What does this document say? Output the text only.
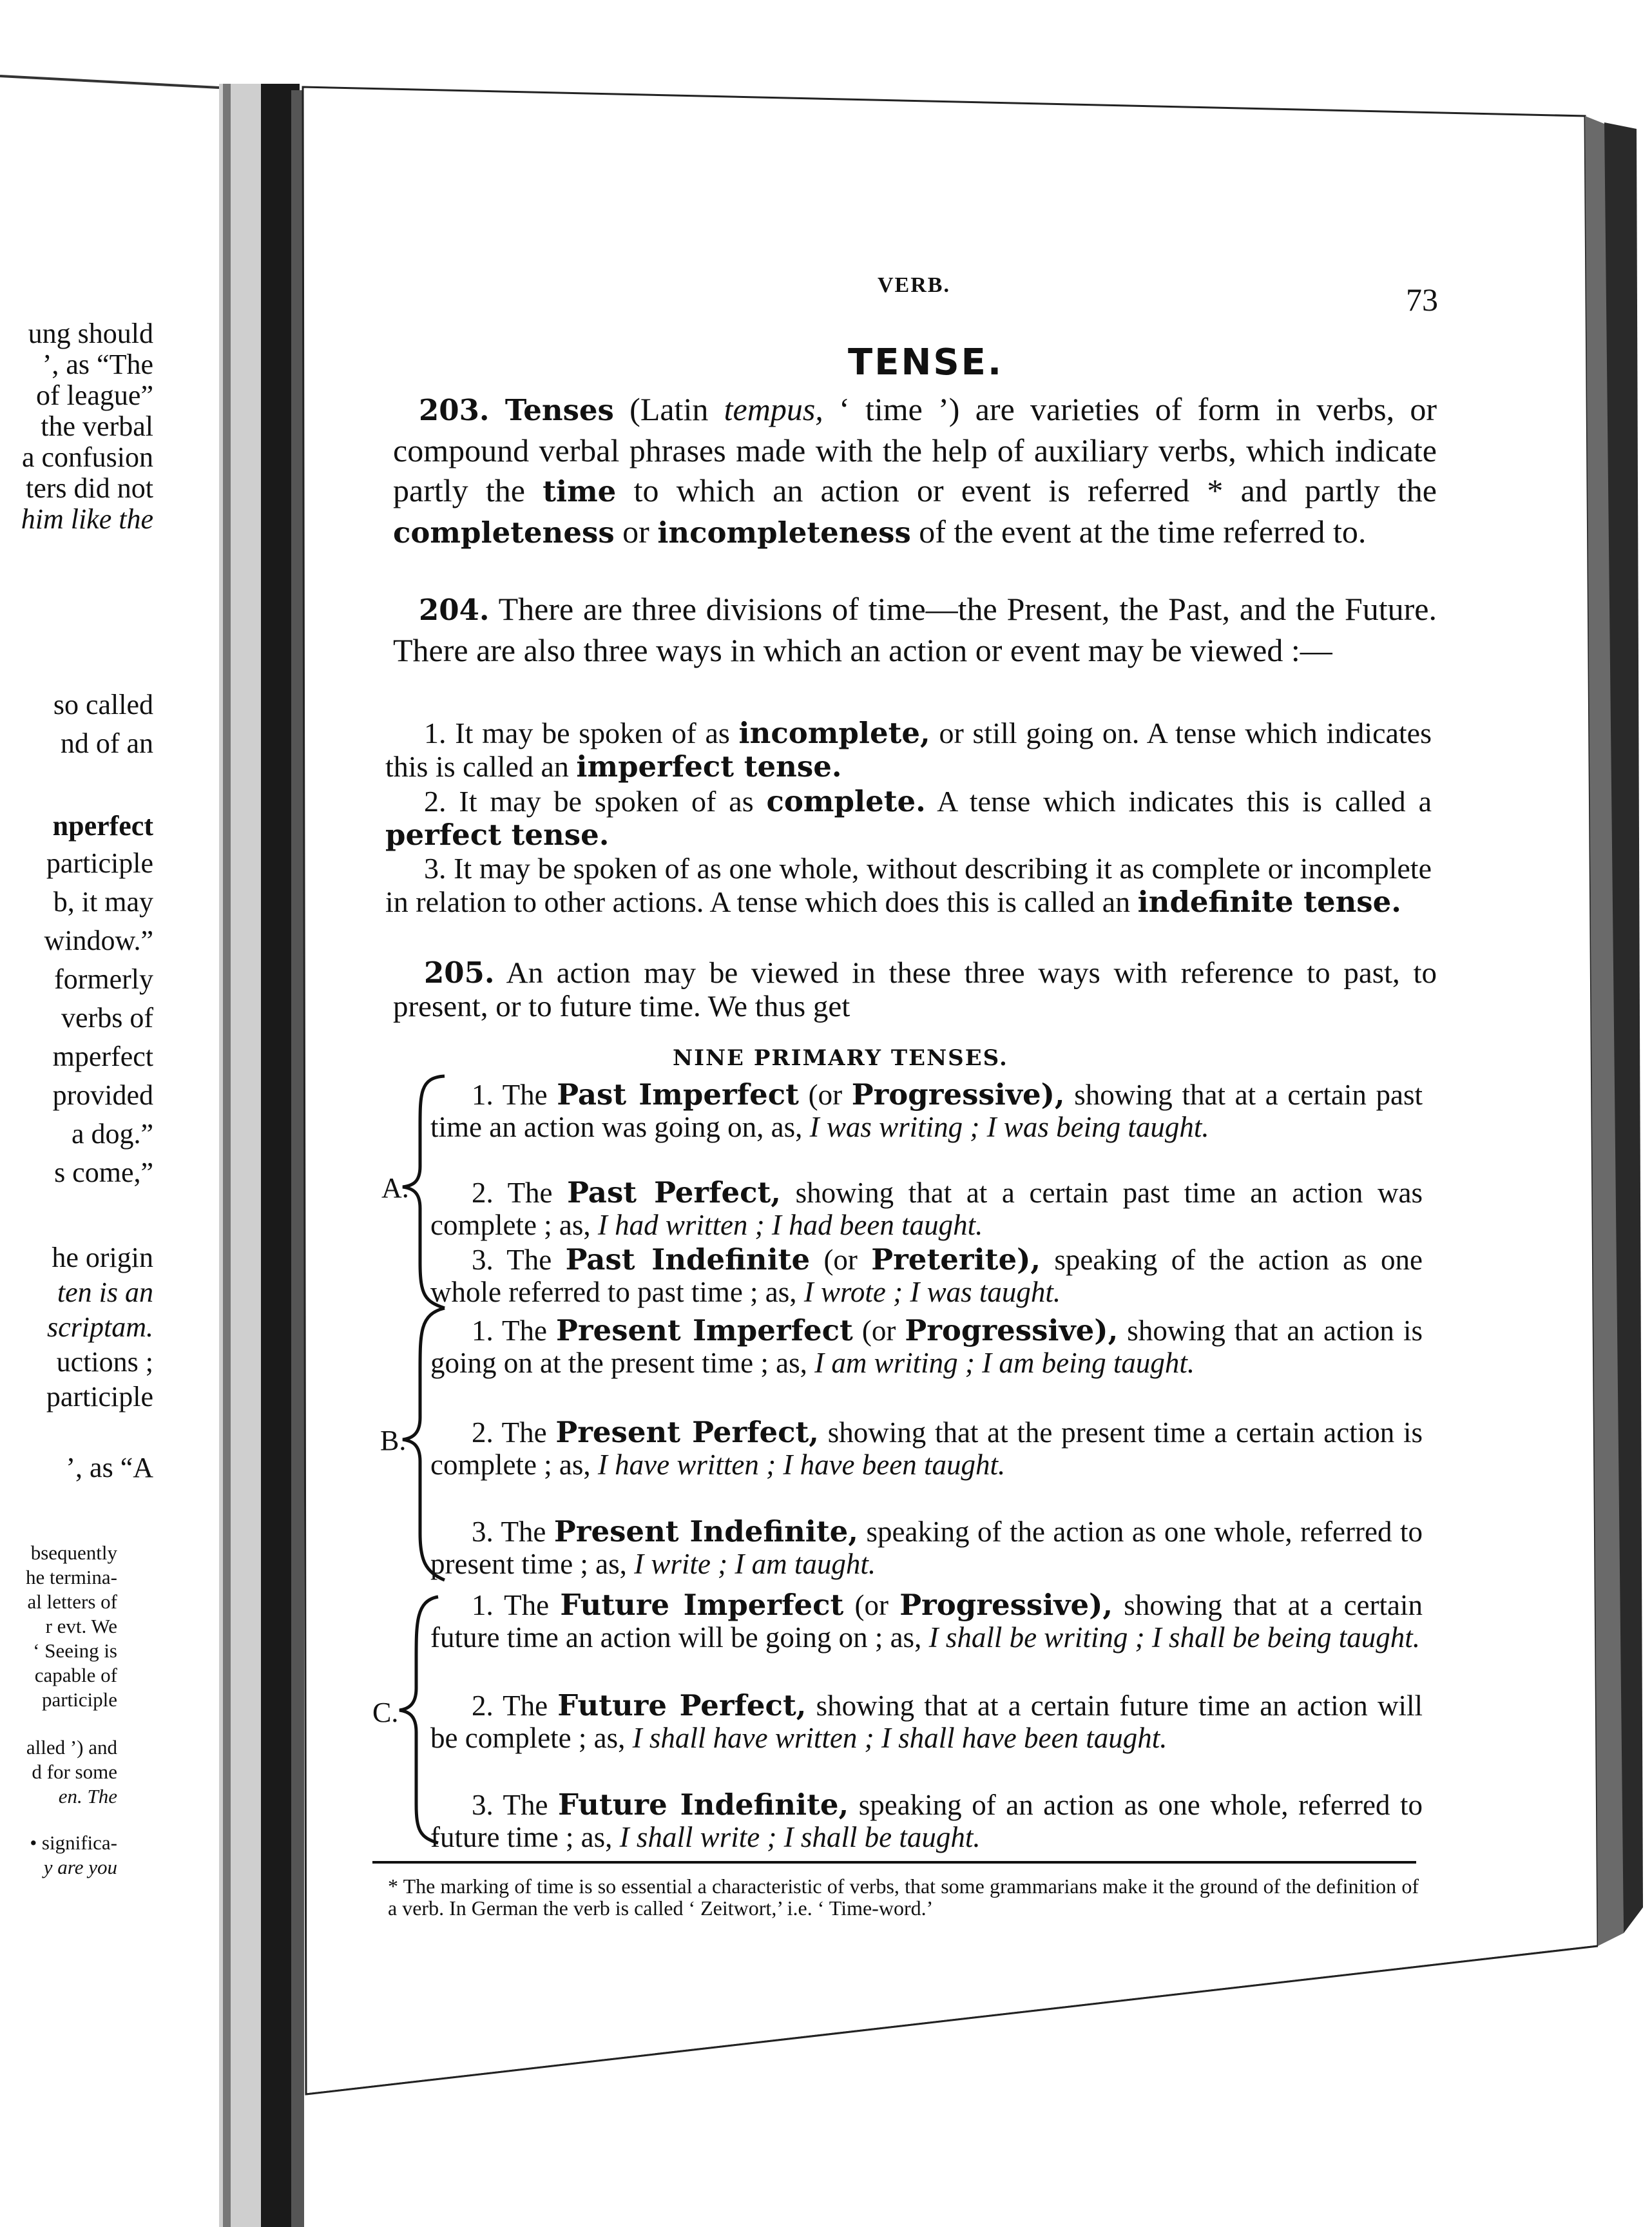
ung should
’, as “The
of league”
the verbal
a confusion
ters did not
him like the
so called
nd of an
nperfect
participle
b, it may
window.”
formerly
verbs of
mperfect
provided
a dog.”
s come,”
he origin
ten is an
scriptam.
uctions ;
participle
’, as “A
bsequently
he termina-
al letters of
r evt. We
‘ Seeing is
capable of
participle
alled ’) and
d for some
en. The
• significa-
y are you
VERB.	73
TENSE.
203. Tenses (Latin tempus, ‘ time ’) are varieties of form in verbs, or compound verbal phrases made with the help of auxiliary verbs, which indicate partly the time to which an action or event is referred * and partly the completeness or incompleteness of the event at the time referred to.
204. There are three divisions of time—the Present, the Past, and the Future. There are also three ways in which an action or event may be viewed :—
1. It may be spoken of as incomplete, or still going on. A tense which indicates this is called an imperfect tense.
2. It may be spoken of as complete. A tense which indicates this is called a perfect tense.
3. It may be spoken of as one whole, without describing it as complete or incomplete in relation to other actions. A tense which does this is called an indefinite tense.
205. An action may be viewed in these three ways with reference to past, to present, or to future time. We thus get
NINE PRIMARY TENSES.
A.
B.
C.
1. The Past Imperfect (or Progressive), showing that at a certain past time an action was going on, as, I was writing ; I was being taught.
2. The Past Perfect, showing that at a certain past time an action was complete ; as, I had written ; I had been taught.
3. The Past Indefinite (or Preterite), speaking of the action as one whole referred to past time ; as, I wrote ; I was taught.
1. The Present Imperfect (or Progressive), showing that an action is going on at the present time ; as, I am writing ; I am being taught.
2. The Present Perfect, showing that at the present time a certain action is complete ; as, I have written ; I have been taught.
3. The Present Indefinite, speaking of the action as one whole, referred to present time ; as, I write ; I am taught.
1. The Future Imperfect (or Progressive), showing that at a certain future time an action will be going on ; as, I shall be writing ; I shall be being taught.
2. The Future Perfect, showing that at a certain future time an action will be complete ; as, I shall have written ; I shall have been taught.
3. The Future Indefinite, speaking of an action as one whole, referred to future time ; as, I shall write ; I shall be taught.
* The marking of time is so essential a characteristic of verbs, that some grammarians make it the ground of the definition of a verb. In German the verb is called ‘ Zeitwort,’ i.e. ‘ Time-word.’
